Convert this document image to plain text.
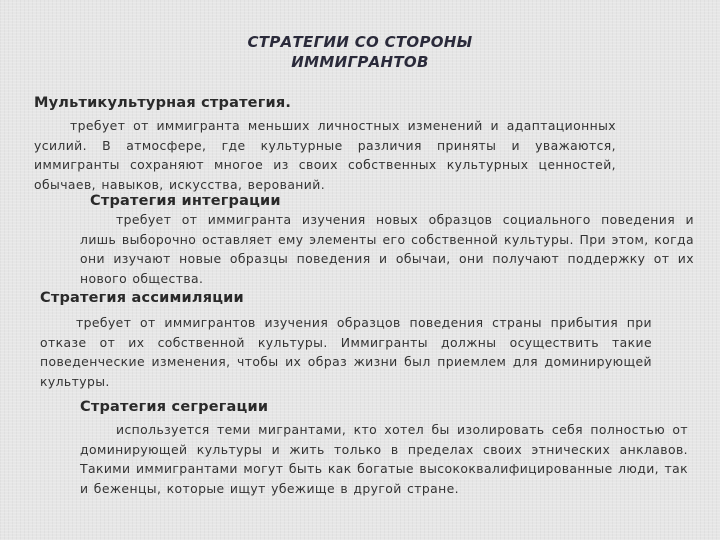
СТРАТЕГИИ СО СТОРОНЫ
ИММИГРАНТОВ
Мультикультурная стратегия.
требует от иммигранта меньших личностных изменений и адаптационных усилий. В атмосфере, где культурные различия приняты и уважаются, иммигранты сохраняют многое из своих собственных культурных ценностей, обычаев, навыков, искусства, верований.
Стратегия интеграции
требует от иммигранта изучения новых образцов социального поведения и лишь выборочно оставляет ему элементы его собственной культуры. При этом, когда они изучают новые образцы поведения и обычаи, они получают поддержку от их нового общества.
Стратегия ассимиляции
требует от иммигрантов изучения образцов поведения страны прибытия при отказе от их собственной культуры. Иммигранты должны осуществить такие поведенческие изменения, чтобы их образ жизни был приемлем для доминирующей культуры.
Стратегия сегрегации
используется теми мигрантами, кто хотел бы изолировать себя полностью от доминирующей культуры и жить только в пределах своих этнических анклавов. Такими иммигрантами могут быть как богатые высококвалифицированные люди, так и беженцы, которые ищут убежище в другой стране.
